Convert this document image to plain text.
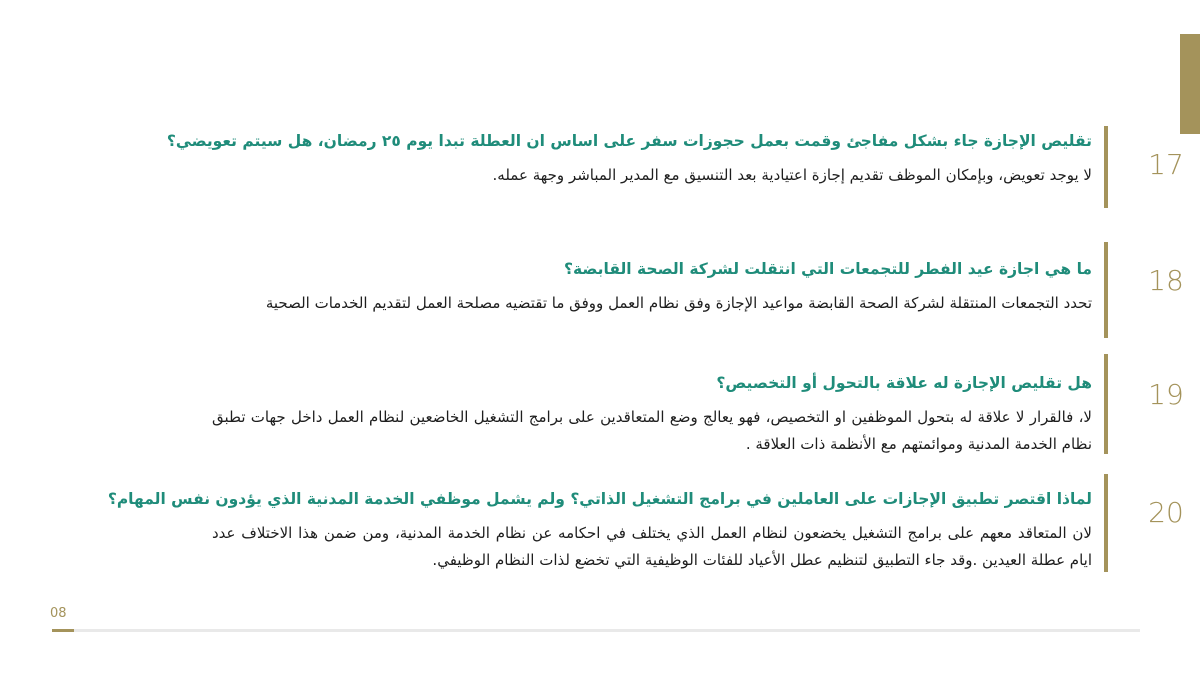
17

تقليص الإجازة جاء بشكل مفاجئ وقمت بعمل حجوزات سفر على اساس ان العطلة تبدا يوم ٢٥ رمضان، هل سيتم تعويضي؟

لا يوجد تعويض، وبإمكان الموظف تقديم إجازة اعتيادية بعد التنسيق مع المدير المباشر وجهة عمله.

18

ما هي اجازة عيد الفطر للتجمعات التي انتقلت لشركة الصحة القابضة؟

تحدد التجمعات المنتقلة لشركة الصحة القابضة مواعيد الإجازة وفق نظام العمل ووفق ما تقتضيه مصلحة العمل لتقديم الخدمات الصحية

19

هل تقليص الإجازة له علاقة بالتحول أو التخصيص؟

لا، فالقرار لا علاقة له بتحول الموظفين او التخصيص، فهو يعالج وضع المتعاقدين على برامج التشغيل الخاضعين لنظام العمل داخل جهات تطبق نظام الخدمة المدنية وموائمتهم مع الأنظمة ذات العلاقة .

20

لماذا اقتصر تطبيق الإجازات على العاملين في برامج التشغيل الذاتي؟ ولم يشمل موظفي الخدمة المدنية الذي يؤدون نفس المهام؟

لان المتعاقد معهم على برامج التشغيل يخضعون لنظام العمل الذي يختلف في احكامه عن نظام الخدمة المدنية، ومن ضمن هذا الاختلاف عدد ايام عطلة العيدين .وقد جاء التطبيق لتنظيم عطل الأعياد للفئات الوظيفية التي تخضع لذات النظام الوظيفي.

08
